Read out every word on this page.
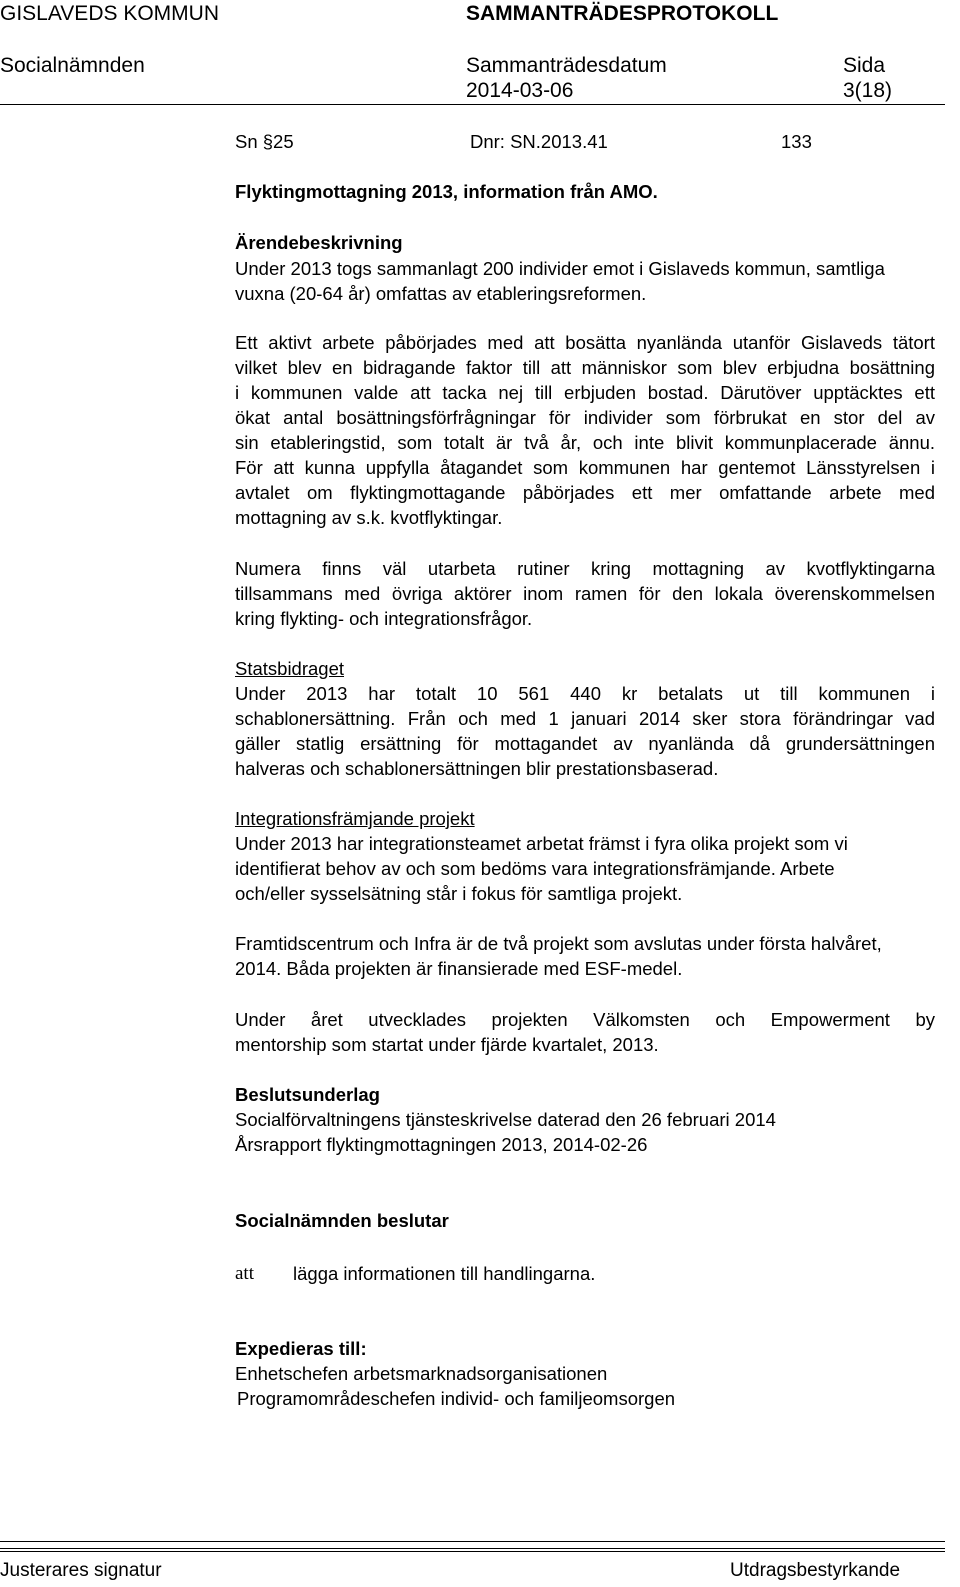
GISLAVEDS KOMMUN	SAMMANTRÄDESPROTOKOLL
Socialnämnden	Sammanträdesdatum	Sida
2014-03-06	3(18)
Sn §25	Dnr: SN.2013.41	133
Flyktingmottagning 2013, information från AMO.
Ärendebeskrivning
Under 2013 togs sammanlagt 200 individer emot i Gislaveds kommun, samtliga
vuxna (20-64 år) omfattas av etableringsreformen.
Ett aktivt arbete påbörjades med att bosätta nyanlända utanför Gislaveds tätort
vilket blev en bidragande faktor till att människor som blev erbjudna bosättning
i kommunen valde att tacka nej till erbjuden bostad. Därutöver upptäcktes ett
ökat antal bosättningsförfrågningar för individer som förbrukat en stor del av
sin etableringstid, som totalt är två år, och inte blivit kommunplacerade ännu.
För att kunna uppfylla åtagandet som kommunen har gentemot Länsstyrelsen i
avtalet om flyktingmottagande påbörjades ett mer omfattande arbete med
mottagning av s.k. kvotflyktingar.
Numera finns väl utarbeta rutiner kring mottagning av kvotflyktingarna
tillsammans med övriga aktörer inom ramen för den lokala överenskommelsen
kring flykting- och integrationsfrågor.
Statsbidraget
Under 2013 har totalt 10 561 440 kr betalats ut till kommunen i
schablonersättning. Från och med 1 januari 2014 sker stora förändringar vad
gäller statlig ersättning för mottagandet av nyanlända då grundersättningen
halveras och schablonersättningen blir prestationsbaserad.
Integrationsfrämjande projekt
Under 2013 har integrationsteamet arbetat främst i fyra olika projekt som vi
identifierat behov av och som bedöms vara integrationsfrämjande. Arbete
och/eller sysselsätning står i fokus för samtliga projekt.
Framtidscentrum och Infra är de två projekt som avslutas under första halvåret,
2014. Båda projekten är finansierade med ESF-medel.
Under året utvecklades projekten Välkomsten och Empowerment by
mentorship som startat under fjärde kvartalet, 2013.
Beslutsunderlag
Socialförvaltningens tjänsteskrivelse daterad den 26 februari 2014
Årsrapport flyktingmottagningen 2013, 2014-02-26
Socialnämnden beslutar
att lägga informationen till handlingarna.
Expedieras till:
Enhetschefen arbetsmarknadsorganisationen
Programområdeschefen individ- och familjeomsorgen
Justerares signatur	Utdragsbestyrkande
